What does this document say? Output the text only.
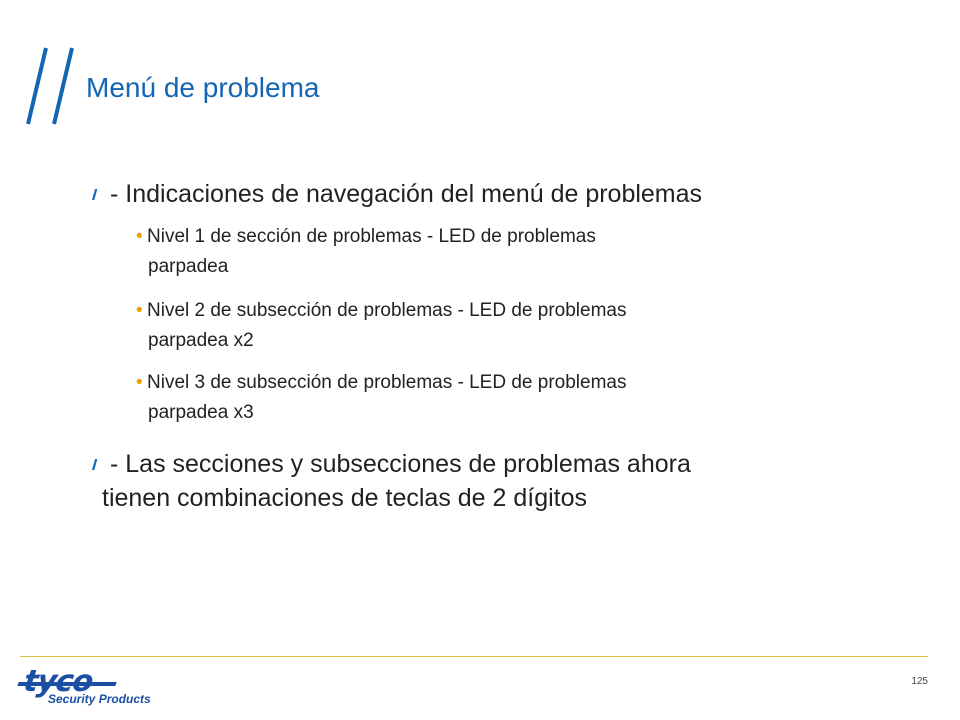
Menú de problema
// - Indicaciones de navegación del menú de problemas
• Nivel 1 de sección de problemas - LED de problemas
parpadea
• Nivel 2 de subsección de problemas - LED de problemas
parpadea x2
• Nivel 3 de subsección de problemas - LED de problemas
parpadea x3
// - Las secciones y subsecciones de problemas ahora
tienen combinaciones de teclas de 2 dígitos
tyco
Security Products
125
